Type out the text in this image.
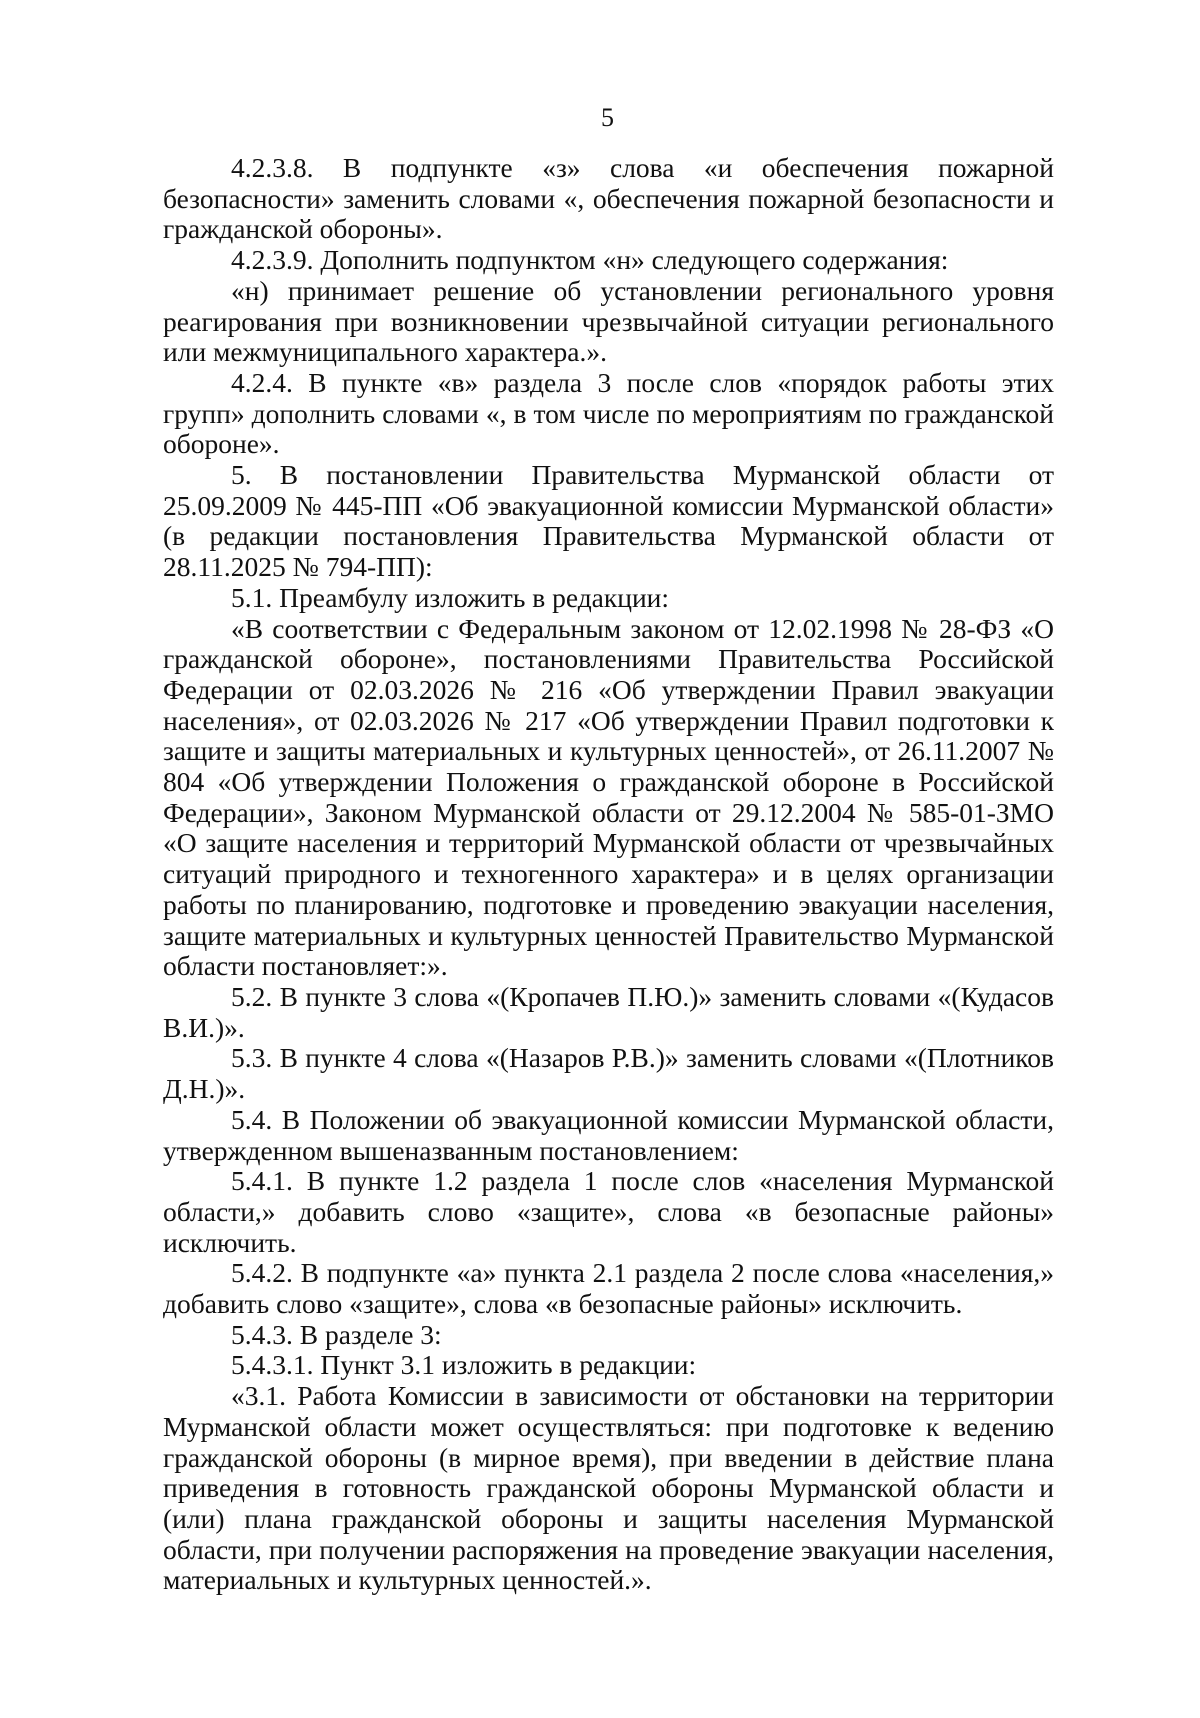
5

4.2.3.8. В подпункте «з» слова «и обеспечения пожарной безопасности» заменить словами «, обеспечения пожарной безопасности и гражданской обороны».

4.2.3.9. Дополнить подпунктом «н» следующего содержания:

«н) принимает решение об установлении регионального уровня реагирования при возникновении чрезвычайной ситуации регионального или межмуниципального характера.».

4.2.4. В пункте «в» раздела 3 после слов «порядок работы этих групп» дополнить словами «, в том числе по мероприятиям по гражданской обороне».

5. В постановлении Правительства Мурманской области от 25.09.2009 № 445-ПП «Об эвакуационной комиссии Мурманской области» (в редакции постановления Правительства Мурманской области от 28.11.2025 № 794-ПП):

5.1. Преамбулу изложить в редакции:

«В соответствии с Федеральным законом от 12.02.1998 № 28-ФЗ «О гражданской обороне», постановлениями Правительства Российской Федерации от 02.03.2026 № 216 «Об утверждении Правил эвакуации населения», от 02.03.2026 № 217 «Об утверждении Правил подготовки к защите и защиты материальных и культурных ценностей», от 26.11.2007 № 804 «Об утверждении Положения о гражданской обороне в Российской Федерации», Законом Мурманской области от 29.12.2004 № 585-01-ЗМО «О защите населения и территорий Мурманской области от чрезвычайных ситуаций природного и техногенного характера» и в целях организации работы по планированию, подготовке и проведению эвакуации населения, защите материальных и культурных ценностей Правительство Мурманской области постановляет:».

5.2. В пункте 3 слова «(Кропачев П.Ю.)» заменить словами «(Кудасов В.И.)».

5.3. В пункте 4 слова «(Назаров Р.В.)» заменить словами «(Плотников Д.Н.)».

5.4. В Положении об эвакуационной комиссии Мурманской области, утвержденном вышеназванным постановлением:

5.4.1. В пункте 1.2 раздела 1 после слов «населения Мурманской области,» добавить слово «защите», слова «в безопасные районы» исключить.

5.4.2. В подпункте «а» пункта 2.1 раздела 2 после слова «населения,» добавить слово «защите», слова «в безопасные районы» исключить.

5.4.3. В разделе 3:

5.4.3.1. Пункт 3.1 изложить в редакции:

«3.1. Работа Комиссии в зависимости от обстановки на территории Мурманской области может осуществляться: при подготовке к ведению гражданской обороны (в мирное время), при введении в действие плана приведения в готовность гражданской обороны Мурманской области и (или) плана гражданской обороны и защиты населения Мурманской области, при получении распоряжения на проведение эвакуации населения, материальных и культурных ценностей.».
